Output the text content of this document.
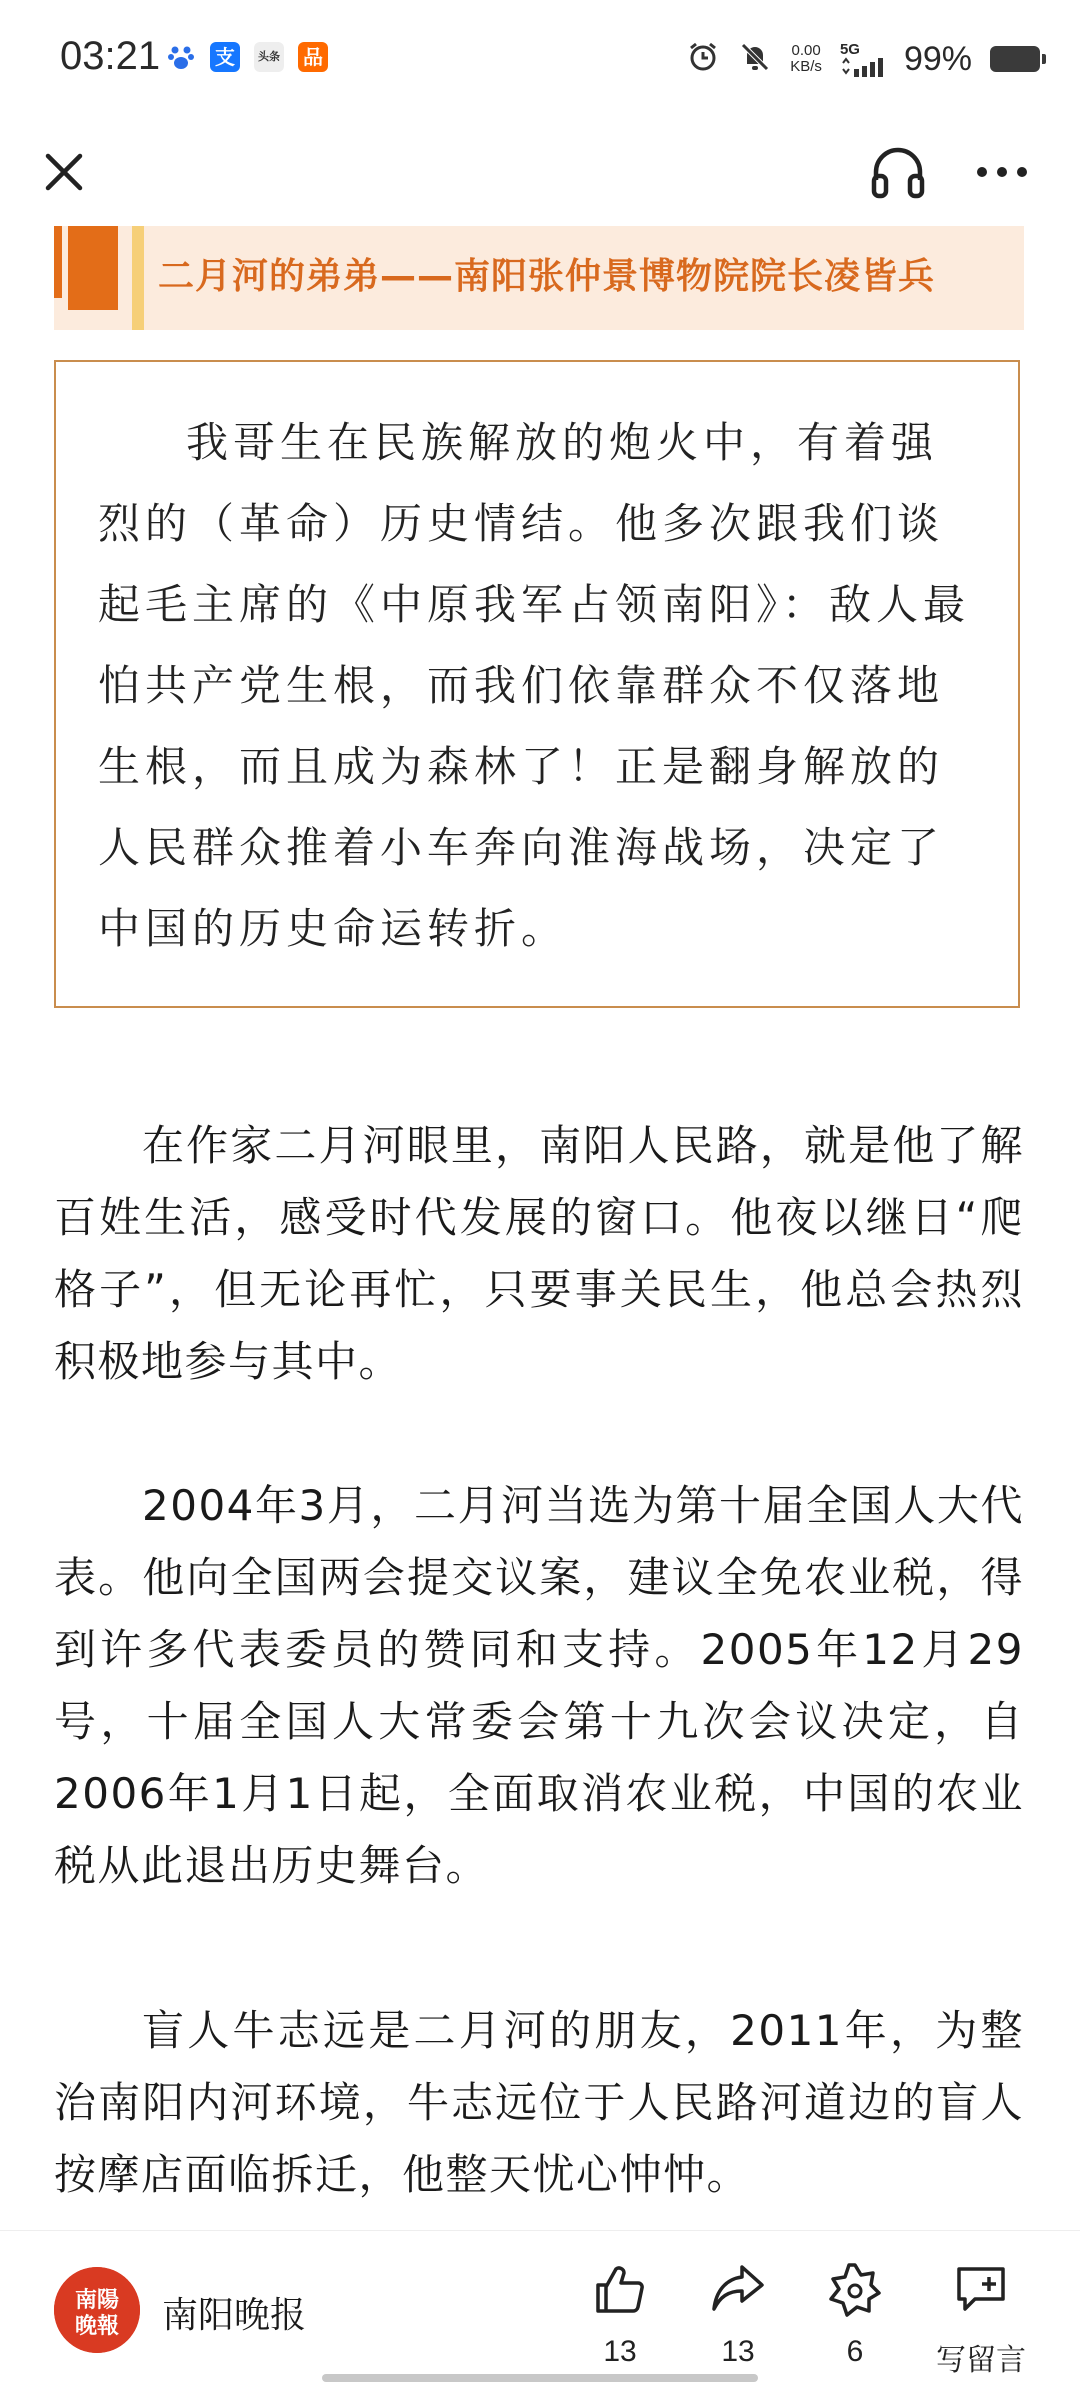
03:21	支	头条 品	0.00
KB/s
5G 99%
二月河的弟弟——南阳张仲景博物院院长凌皆兵

我哥生在民族解放的炮火中，有着强烈的（革命）历史情结。他多次跟我们谈起毛主席的《中原我军占领南阳》：敌人最怕共产党生根，而我们依靠群众不仅落地生根，而且成为森林了！正是翻身解放的人民群众推着小车奔向淮海战场，决定了中国的历史命运转折。

在作家二月河眼里，南阳人民路，就是他了解百姓生活，感受时代发展的窗口。他夜以继日“爬格子”，但无论再忙，只要事关民生，他总会热烈积极地参与其中。

2004年3月，二月河当选为第十届全国人大代表。他向全国两会提交议案，建议全免农业税，得到许多代表委员的赞同和支持。2005年12月29号，十届全国人大常委会第十九次会议决定，自2006年1月1日起，全面取消农业税，中国的农业税从此退出历史舞台。

盲人牛志远是二月河的朋友，2011年，为整治南阳内河环境，牛志远位于人民路河道边的盲人按摩店面临拆迁，他整天忧心忡忡。

南陽
晚報 南阳晚报
13	13	6	写留言
